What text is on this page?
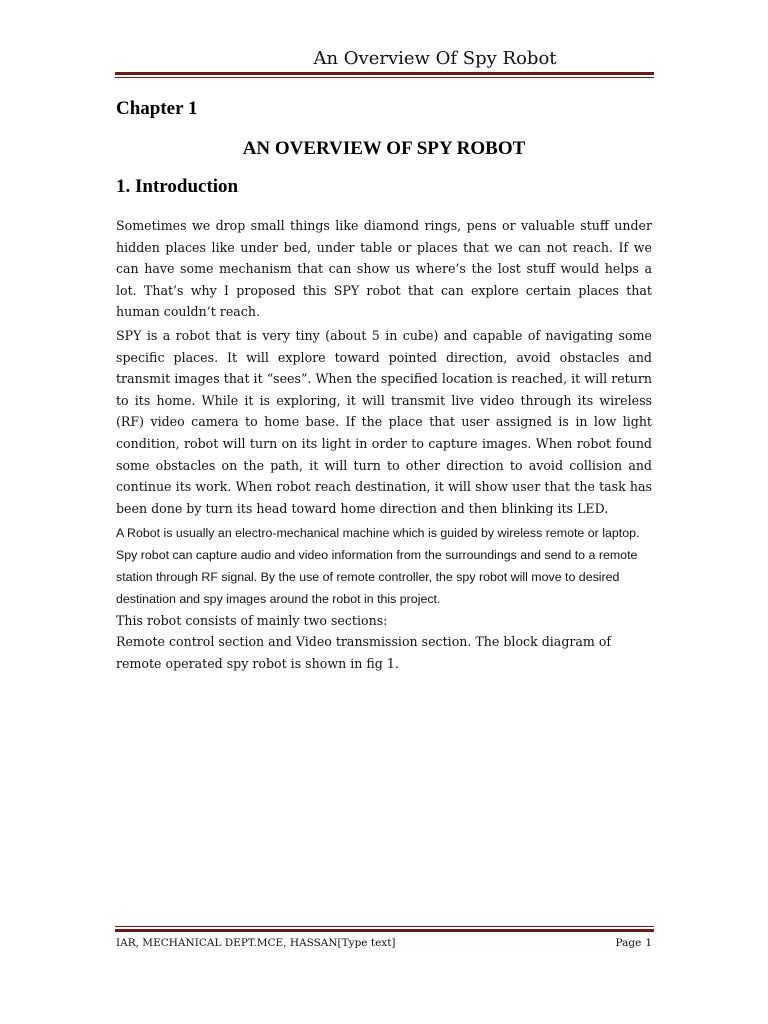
An Overview Of Spy Robot
Chapter 1
AN OVERVIEW OF SPY ROBOT
1. Introduction

Sometimes we drop small things like diamond rings, pens or valuable stuff under hidden places like under bed, under table or places that we can not reach. If we can have some mechanism that can show us where’s the lost stuff would helps a lot. That’s why I proposed this SPY robot that can explore certain places that human couldn’t reach.

SPY is a robot that is very tiny (about 5 in cube) and capable of navigating some specific places. It will explore toward pointed direction, avoid obstacles and transmit images that it “sees”. When the specified location is reached, it will return to its home. While it is exploring, it will transmit live video through its wireless (RF) video camera to home base. If the place that user assigned is in low light condition, robot will turn on its light in order to capture images. When robot found some obstacles on the path, it will turn to other direction to avoid collision and continue its work. When robot reach destination, it will show user that the task has been done by turn its head toward home direction and then blinking its LED.

A Robot is usually an electro-mechanical machine which is guided by wireless remote or laptop. Spy robot can capture audio and video information from the surroundings and send to a remote station through RF signal. By the use of remote controller, the spy robot will move to desired destination and spy images around the robot in this project.

This robot consists of mainly two sections:

Remote control section and Video transmission section. The block diagram of remote operated spy robot is shown in fig 1.

IAR, MECHANICAL DEPT.MCE, HASSAN[Type text]	Page 1
